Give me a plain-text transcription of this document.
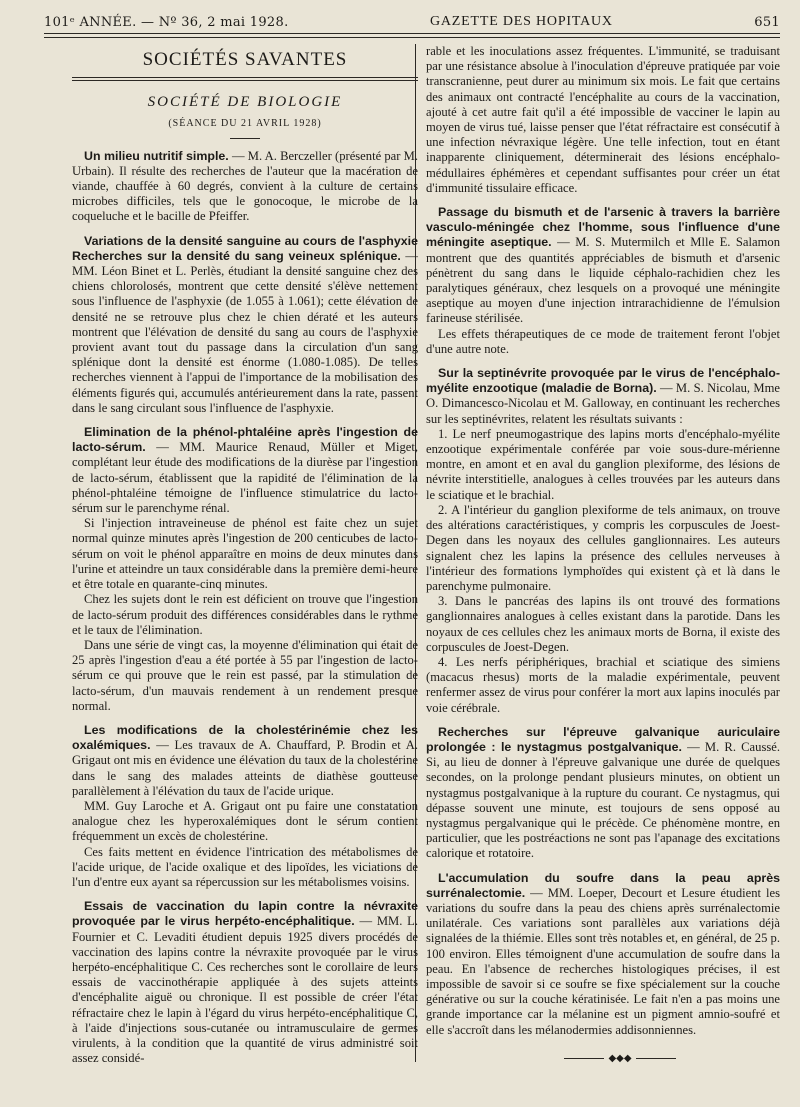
101ᵉ ANNÉE. — Nº 36, 2 mai 1928.	GAZETTE DES HOPITAUX	651
SOCIÉTÉS SAVANTES
SOCIÉTÉ DE BIOLOGIE
(SÉANCE DU 21 AVRIL 1928)

Un milieu nutritif simple. — M. A. Berczeller (présenté par M. Urbain). Il résulte des recherches de l'auteur que la macération de viande, chauffée à 60 degrés, convient à la culture de certains microbes difficiles, tels que le gonocoque, le microbe de la coqueluche et le bacille de Pfeiffer.

Variations de la densité sanguine au cours de l'asphyxie Recherches sur la densité du sang veineux splénique. — MM. Léon Binet et L. Perlès, étudiant la densité sanguine chez des chiens chlorolosés, montrent que cette densité s'élève nettement sous l'influence de l'asphyxie (de 1.055 à 1.061); cette élévation de densité ne se retrouve plus chez le chien dératé et les auteurs montrent que l'élévation de densité du sang au cours de l'asphyxie provient avant tout du passage dans la circulation d'un sang splénique dont la densité est énorme (1.080-1.085). De telles recherches viennent à l'appui de l'importance de la mobilisation des éléments figurés qui, accumulés antérieurement dans la rate, passent dans le sang circulant sous l'influence de l'asphyxie.

Elimination de la phénol-phtaléine après l'ingestion de lacto-sérum. — MM. Maurice Renaud, Müller et Miget, complétant leur étude des modifications de la diurèse par l'ingestion de lacto-sérum, établissent que la rapidité de l'élimination de la phénol-phtaléine témoigne de l'influence stimulatrice du lacto-sérum sur le parenchyme rénal.

Si l'injection intraveineuse de phénol est faite chez un sujet normal quinze minutes après l'ingestion de 200 centicubes de lacto-sérum on voit le phénol apparaître en moins de deux minutes dans l'urine et atteindre un taux considérable dans la première demi-heure et être totale en quarante-cinq minutes.

Chez les sujets dont le rein est déficient on trouve que l'ingestion de lacto-sérum produit des différences considérables dans le rythme et le taux de l'élimination.

Dans une série de vingt cas, la moyenne d'élimination qui était de 25 après l'ingestion d'eau a été portée à 55 par l'ingestion de lacto-sérum ce qui prouve que le rein est passé, par la stimulation de lacto-sérum, d'un mauvais rendement à un rendement presque normal.

Les modifications de la cholestérinémie chez les oxalémiques. — Les travaux de A. Chauffard, P. Brodin et A. Grigaut ont mis en évidence une élévation du taux de la cholestérine dans le sang des malades atteints de diathèse goutteuse parallèlement à l'élévation du taux de l'acide urique.

MM. Guy Laroche et A. Grigaut ont pu faire une constatation analogue chez les hyperoxalémiques dont le sérum contient fréquemment un excès de cholestérine.

Ces faits mettent en évidence l'intrication des métabolismes de l'acide urique, de l'acide oxalique et des lipoïdes, les viciations de l'un d'entre eux ayant sa répercussion sur les métabolismes voisins.

Essais de vaccination du lapin contre la névraxite provoquée par le virus herpéto-encéphalitique. — MM. L. Fournier et C. Levaditi étudient depuis 1925 divers procédés de vaccination des lapins contre la névraxite provoquée par le virus herpéto-encéphalitique C. Ces recherches sont le corollaire de leurs essais de vaccinothérapie appliquée à des sujets atteints d'encéphalite aiguë ou chronique. Il est possible de créer l'état réfractaire chez le lapin à l'égard du virus herpéto-encéphalitique C, à l'aide d'injections sous-cutanée ou intramusculaire de germes virulents, à la condition que la quantité de virus administré soit assez considé-

rable et les inoculations assez fréquentes. L'immunité, se traduisant par une résistance absolue à l'inoculation d'épreuve pratiquée par voie transcranienne, peut durer au minimum six mois. Le fait que certains des animaux ont contracté l'encéphalite au cours de la vaccination, ajouté à cet autre fait qu'il a été impossible de vacciner le lapin au moyen de virus tué, laisse penser que l'état réfractaire est consécutif à une infection névraxique légère. Une telle infection, tout en étant inapparente cliniquement, déterminerait des lésions encéphalo-médullaires éphémères et cependant suffisantes pour créer un état d'immunité tissulaire efficace.

Passage du bismuth et de l'arsenic à travers la barrière vasculo-méningée chez l'homme, sous l'influence d'une méningite aseptique. — M. S. Mutermilch et Mlle E. Salamon montrent que des quantités appréciables de bismuth et d'arsenic pénètrent du sang dans le liquide céphalo-rachidien chez les paralytiques généraux, chez lesquels on a provoqué une méningite aseptique au moyen d'une injection intrarachidienne de l'émulsion farineuse stérilisée.

Les effets thérapeutiques de ce mode de traitement feront l'objet d'une autre note.

Sur la septinévrite provoquée par le virus de l'encéphalo-myélite enzootique (maladie de Borna). — M. S. Nicolau, Mme O. Dimancesco-Nicolau et M. Galloway, en continuant les recherches sur les septinévrites, relatent les résultats suivants :

1. Le nerf pneumogastrique des lapins morts d'encéphalo-myélite enzootique expérimentale conférée par voie sous-dure-mérienne montre, en amont et en aval du ganglion plexiforme, des lésions de névrite interstitielle, analogues à celles trouvées par les auteurs dans le sciatique et le brachial.

2. A l'intérieur du ganglion plexiforme de tels animaux, on trouve des altérations caractéristiques, y compris les corpuscules de Joest-Degen dans les noyaux des cellules ganglionnaires. Les auteurs signalent chez les lapins la présence des cellules nerveuses à l'intérieur des formations lymphoïdes qui existent çà et là dans le parenchyme pulmonaire.

3. Dans le pancréas des lapins ils ont trouvé des formations ganglionnaires analogues à celles existant dans la parotide. Dans les noyaux de ces cellules chez les animaux morts de Borna, il existe des corpuscules de Joest-Degen.

4. Les nerfs périphériques, brachial et sciatique des simiens (macacus rhesus) morts de la maladie expérimentale, peuvent renfermer assez de virus pour conférer la mort aux lapins inoculés par voie cérébrale.

Recherches sur l'épreuve galvanique auriculaire prolongée : le nystagmus postgalvanique. — M. R. Caussé. Si, au lieu de donner à l'épreuve galvanique une durée de quelques secondes, on la prolonge pendant plusieurs minutes, on obtient un nystagmus postgalvanique à la rupture du courant. Ce nystagmus, qui dépasse souvent une minute, est toujours de sens opposé au nystagmus pergalvanique qui le précède. Ce phénomène montre, en particulier, que les postréactions ne sont pas l'apanage des excitations calorique et rotatoire.

L'accumulation du soufre dans la peau après surrénalectomie. — MM. Loeper, Decourt et Lesure étudient les variations du soufre dans la peau des chiens après surrénalectomie unilatérale. Ces variations sont parallèles aux variations déjà signalées de la thiémie. Elles sont très notables et, en général, de 25 p. 100 environ. Elles témoignent d'une accumulation de soufre dans la peau. En l'absence de recherches histologiques précises, il est impossible de savoir si ce soufre se fixe spécialement sur la couche générative ou sur la couche kératinisée. Le fait n'en a pas moins une grande importance car la mélanine est un pigment amnio-soufré et elle s'accroît dans les mélanodermies addisonniennes.

◆◆◆
